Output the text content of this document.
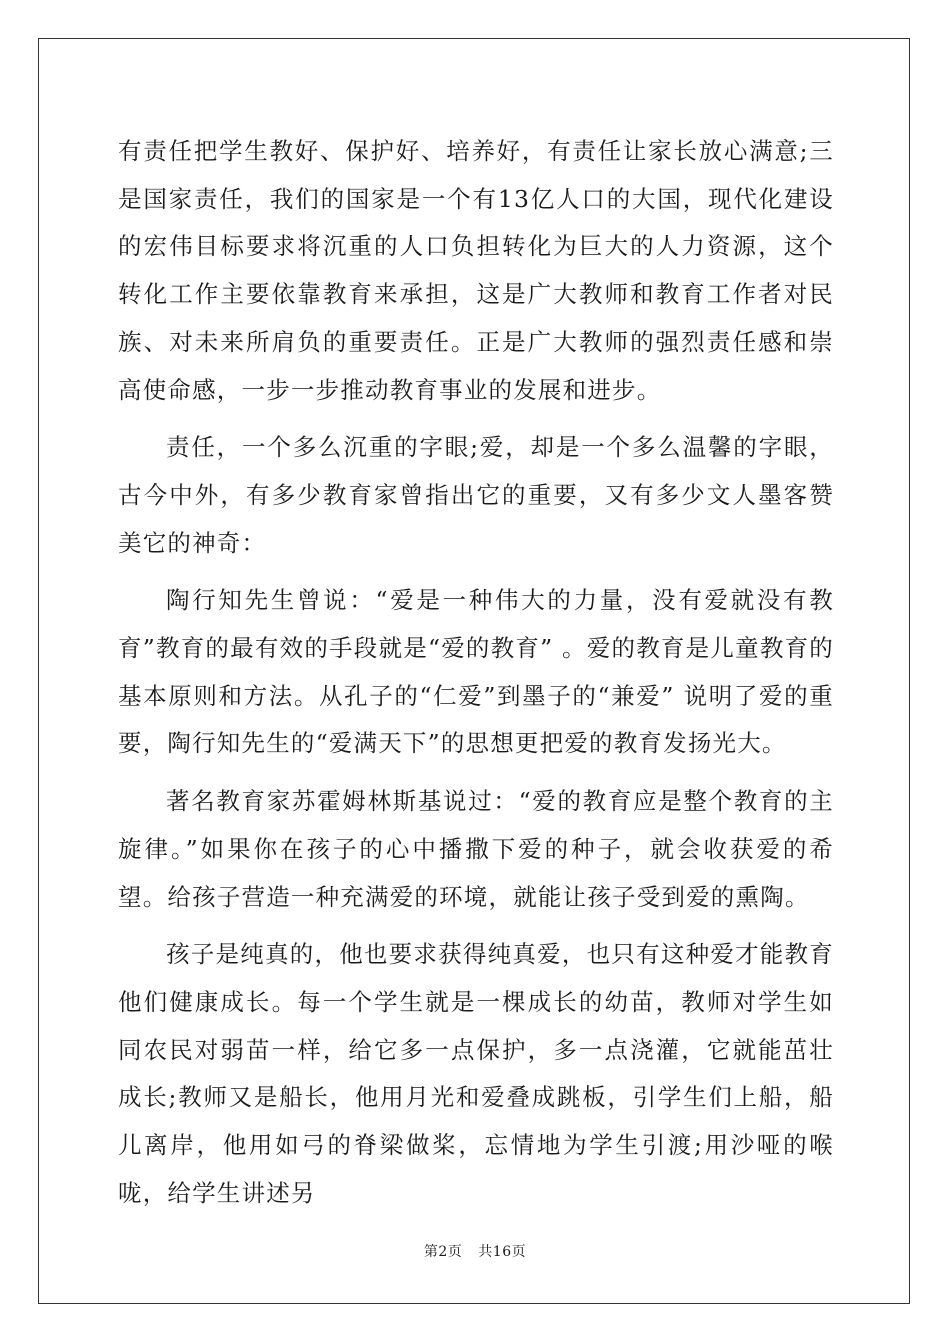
有责任把学生教好、保护好、培养好，有责任让家长放心满意;三是国家责任，我们的国家是一个有13亿人口的大国，现代化建设的宏伟目标要求将沉重的人口负担转化为巨大的人力资源，这个转化工作主要依靠教育来承担，这是广大教师和教育工作者对民族、对未来所肩负的重要责任。正是广大教师的强烈责任感和崇高使命感，一步一步推动教育事业的发展和进步。

责任，一个多么沉重的字眼;爱，却是一个多么温馨的字眼，古今中外，有多少教育家曾指出它的重要，又有多少文人墨客赞美它的神奇：

陶行知先生曾说：“爱是一种伟大的力量，没有爱就没有教育”教育的最有效的手段就是“爱的教育” 。爱的教育是儿童教育的基本原则和方法。从孔子的“仁爱”到墨子的“兼爱” 说明了爱的重要，陶行知先生的“爱满天下”的思想更把爱的教育发扬光大。

著名教育家苏霍姆林斯基说过：“爱的教育应是整个教育的主旋律。”如果你在孩子的心中播撒下爱的种子，就会收获爱的希望。给孩子营造一种充满爱的环境，就能让孩子受到爱的熏陶。

孩子是纯真的，他也要求获得纯真爱，也只有这种爱才能教育他们健康成长。每一个学生就是一棵成长的幼苗，教师对学生如同农民对弱苗一样，给它多一点保护，多一点浇灌，它就能茁壮成长;教师又是船长，他用月光和爱叠成跳板，引学生们上船，船儿离岸，他用如弓的脊梁做桨，忘情地为学生引渡;用沙哑的喉咙，给学生讲述另

第2页 共16页
